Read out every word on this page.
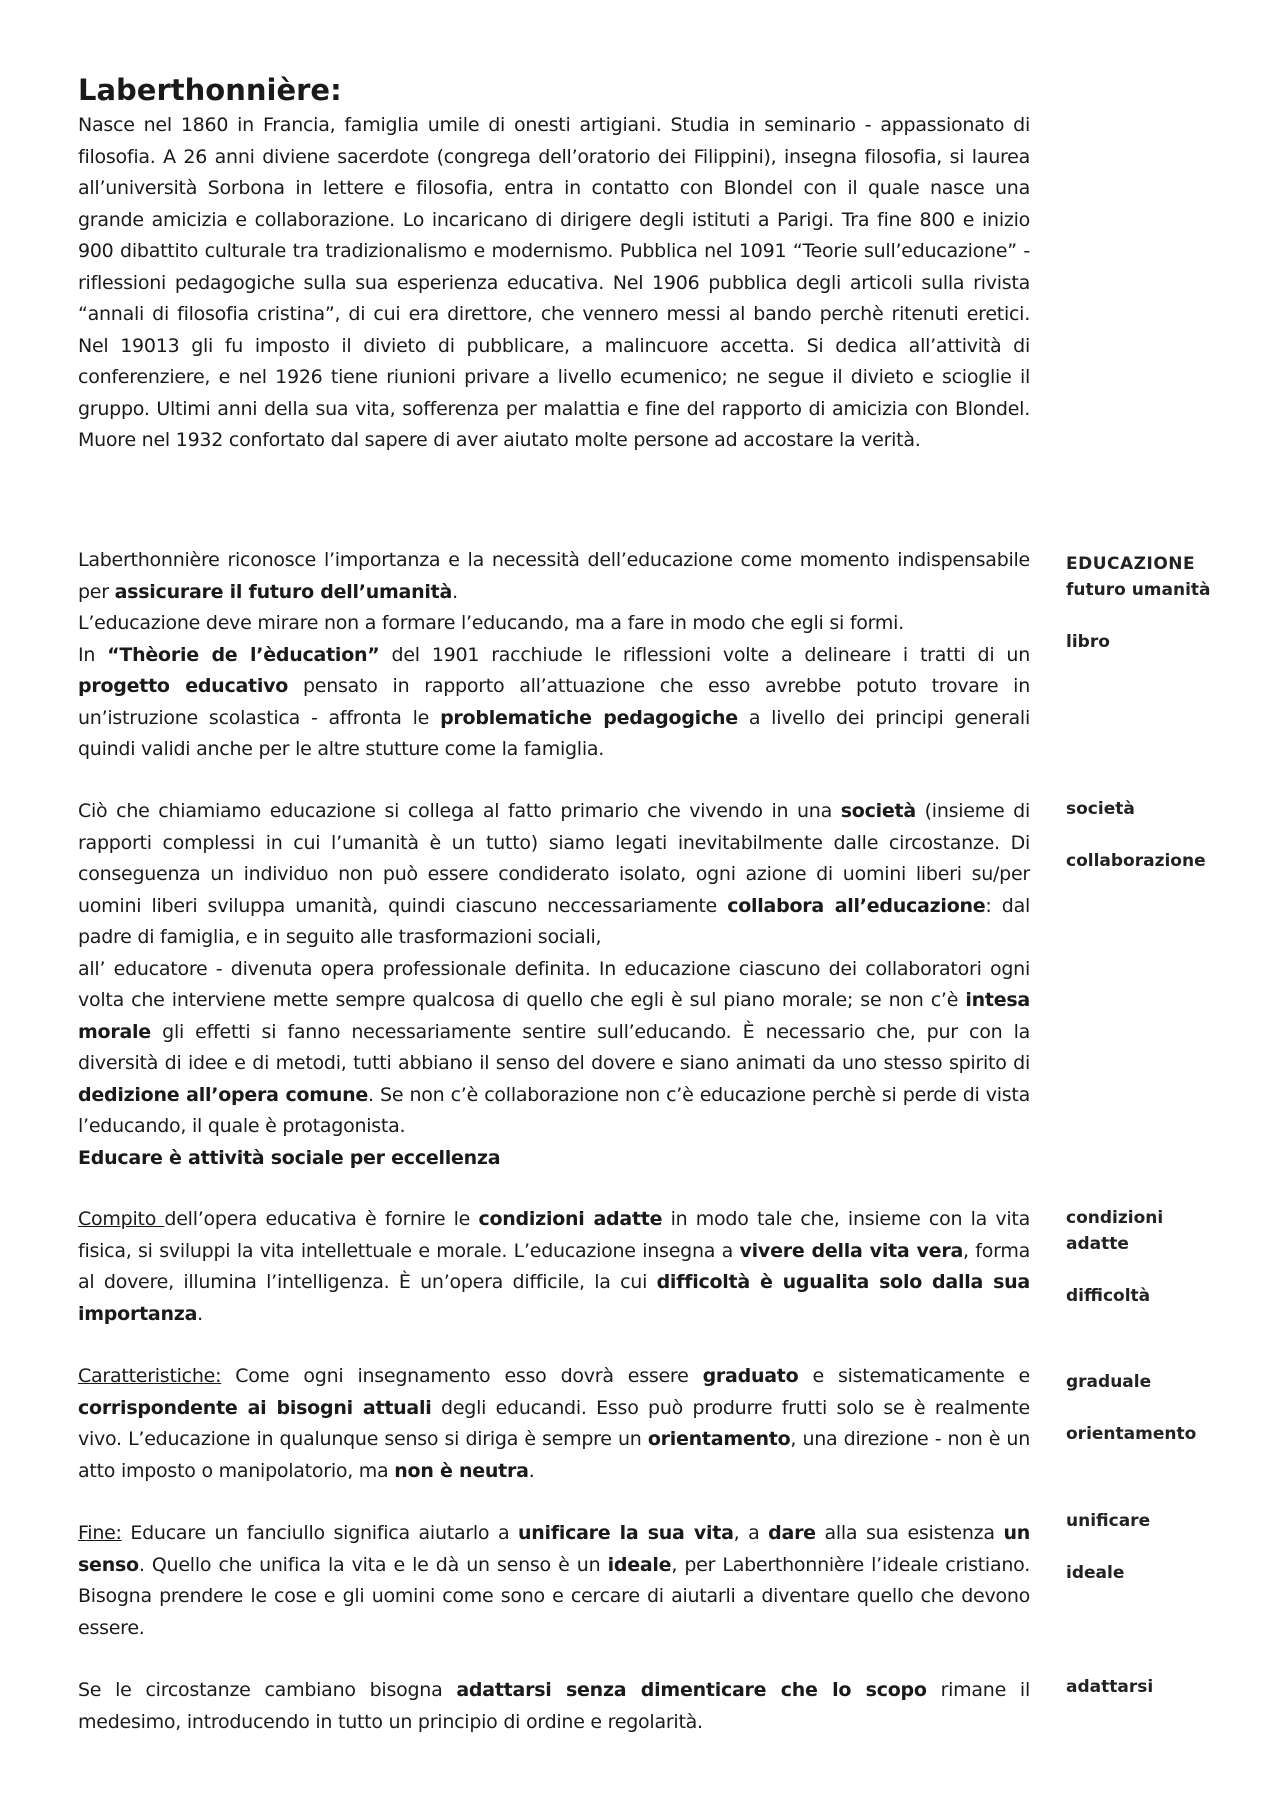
Laberthonnière:

Nasce nel 1860 in Francia, famiglia umile di onesti artigiani. Studia in seminario - appassionato di filosofia. A 26 anni diviene sacerdote (congrega dell’oratorio dei Filippini), insegna filosofia, si laurea all’università Sorbona in lettere e filosofia, entra in contatto con Blondel con il quale nasce una grande amicizia e collaborazione. Lo incaricano di dirigere degli istituti a Parigi. Tra fine 800 e inizio 900 dibattito culturale tra tradizionalismo e modernismo. Pubblica nel 1091 “Teorie sull’educazione” - riflessioni pedagogiche sulla sua esperienza educativa. Nel 1906 pubblica degli articoli sulla rivista “annali di filosofia cristina”, di cui era direttore, che vennero messi al bando perchè ritenuti eretici. Nel 19013 gli fu imposto il divieto di pubblicare, a malincuore accetta. Si dedica all’attività di conferenziere, e nel 1926 tiene riunioni privare a livello ecumenico; ne segue il divieto e scioglie il gruppo. Ultimi anni della sua vita, sofferenza per malattia e fine del rapporto di amicizia con Blondel. Muore nel 1932 confortato dal sapere di aver aiutato molte persone ad accostare la verità.

Laberthonnière riconosce l’importanza e la necessità dell’educazione come momento indispensabile per assicurare il futuro dell’umanità.

L’educazione deve mirare non a formare l’educando, ma a fare in modo che egli si formi.

In “Thèorie de l’èducation” del 1901 racchiude le riflessioni volte a delineare i tratti di un progetto educativo pensato in rapporto all’attuazione che esso avrebbe potuto trovare in un’istruzione scolastica - affronta le problematiche pedagogiche a livello dei principi generali quindi validi anche per le altre stutture come la famiglia.

Ciò che chiamiamo educazione si collega al fatto primario che vivendo in una società (insieme di rapporti complessi in cui l’umanità è un tutto) siamo legati inevitabilmente dalle circostanze. Di conseguenza un individuo non può essere condiderato isolato, ogni azione di uomini liberi su/per uomini liberi sviluppa umanità, quindi ciascuno neccessariamente collabora all’educazione: dal padre di famiglia, e in seguito alle trasformazioni sociali,

all’ educatore - divenuta opera professionale definita. In educazione ciascuno dei collaboratori ogni volta che interviene mette sempre qualcosa di quello che egli è sul piano morale; se non c’è intesa morale gli effetti si fanno necessariamente sentire sull’educando. È necessario che, pur con la diversità di idee e di metodi, tutti abbiano il senso del dovere e siano animati da uno stesso spirito di dedizione all’opera comune. Se non c’è collaborazione non c’è educazione perchè si perde di vista l’educando, il quale è protagonista.

Educare è attività sociale per eccellenza

Compito dell’opera educativa è fornire le condizioni adatte in modo tale che, insieme con la vita fisica, si sviluppi la vita intellettuale e morale. L’educazione insegna a vivere della vita vera, forma al dovere, illumina l’intelligenza. È un’opera difficile, la cui difficoltà è ugualita solo dalla sua importanza.

Caratteristiche: Come ogni insegnamento esso dovrà essere graduato e sistematicamente e corrispondente ai bisogni attuali degli educandi. Esso può produrre frutti solo se è realmente vivo. L’educazione in qualunque senso si diriga è sempre un orientamento, una direzione - non è un atto imposto o manipolatorio, ma non è neutra.

Fine: Educare un fanciullo significa aiutarlo a unificare la sua vita, a dare alla sua esistenza un senso. Quello che unifica la vita e le dà un senso è un ideale, per Laberthonnière l’ideale cristiano. Bisogna prendere le cose e gli uomini come sono e cercare di aiutarli a diventare quello che devono essere.

Se le circostanze cambiano bisogna adattarsi senza dimenticare che lo scopo rimane il medesimo, introducendo in tutto un principio di ordine e regolarità.

EDUCAZIONE
futuro umanità
libro
società
collaborazione
condizioni
adatte
difficoltà
graduale
orientamento
unificare
ideale
adattarsi
